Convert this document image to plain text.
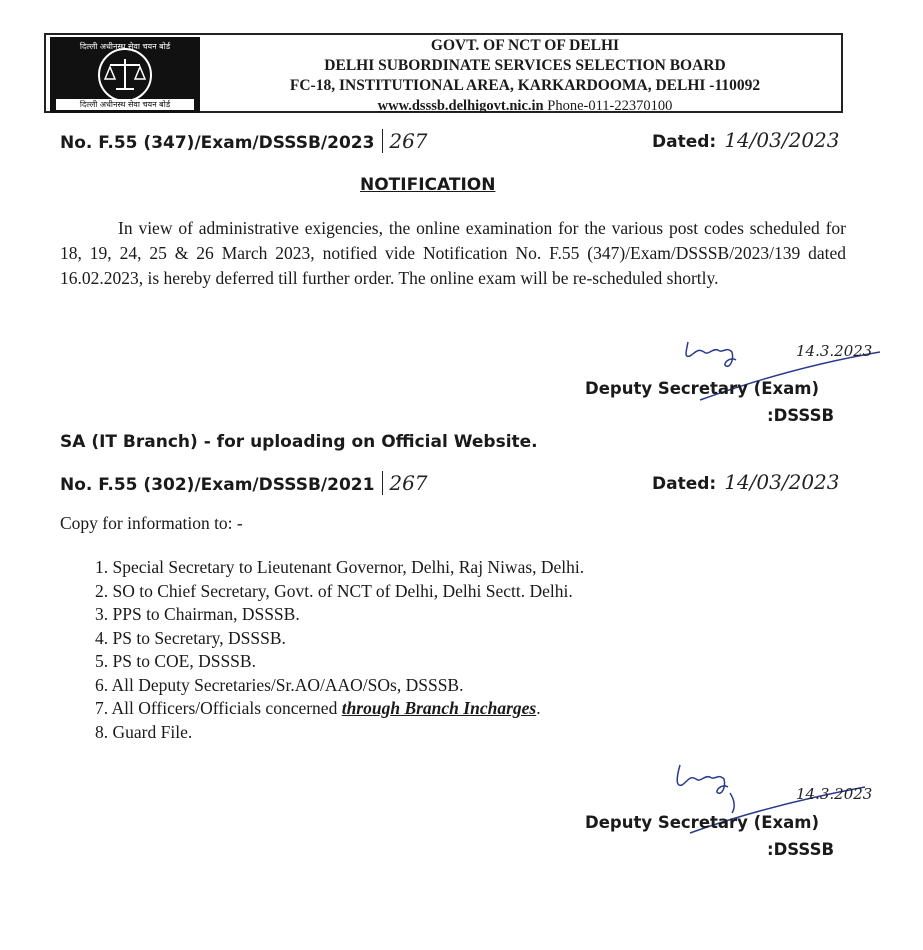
दिल्ली अधीनस्थ सेवा चयन बोर्ड
दिल्ली अधीनस्थ सेवा चयन बोर्ड
GOVT. OF NCT OF DELHI
DELHI SUBORDINATE SERVICES SELECTION BOARD
FC-18, INSTITUTIONAL AREA, KARKARDOOMA, DELHI -110092
www.dsssb.delhigovt.nic.in Phone-011-22370100
No. F.55 (347)/Exam/DSSSB/2023 267	Dated: 14/03/2023
NOTIFICATION
In view of administrative exigencies, the online examination for the various post codes scheduled for 18, 19, 24, 25 & 26 March 2023, notified vide Notification No. F.55 (347)/Exam/DSSSB/2023/139 dated 16.02.2023, is hereby deferred till further order. The online exam will be re-scheduled shortly.
14.3.2023
Deputy Secretary (Exam)
:DSSSB
SA (IT Branch) - for uploading on Official Website.
No. F.55 (302)/Exam/DSSSB/2021 267	Dated: 14/03/2023
Copy for information to: -
1. Special Secretary to Lieutenant Governor, Delhi, Raj Niwas, Delhi.
2. SO to Chief Secretary, Govt. of NCT of Delhi, Delhi Sectt. Delhi.
3. PPS to Chairman, DSSSB.
4. PS to Secretary, DSSSB.
5. PS to COE, DSSSB.
6. All Deputy Secretaries/Sr.AO/AAO/SOs, DSSSB.
7. All Officers/Officials concerned through Branch Incharges.
8. Guard File.
14.3.2023
Deputy Secretary (Exam)
:DSSSB
